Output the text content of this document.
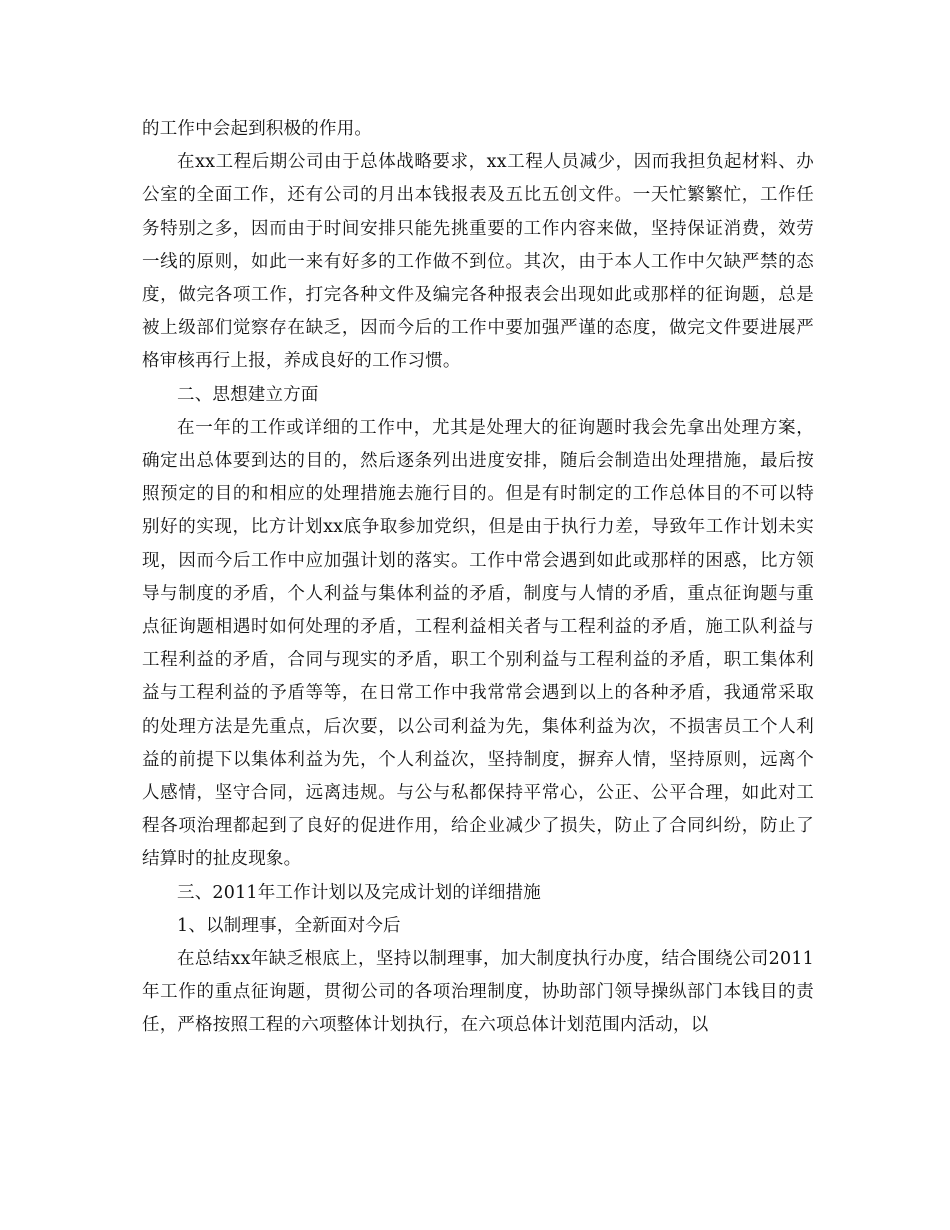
的工作中会起到积极的作用。

在xx工程后期公司由于总体战略要求，xx工程人员减少，因而我担负起材料、办公室的全面工作，还有公司的月出本钱报表及五比五创文件。一天忙繁繁忙，工作任务特别之多，因而由于时间安排只能先挑重要的工作内容来做，坚持保证消费，效劳一线的原则，如此一来有好多的工作做不到位。其次，由于本人工作中欠缺严禁的态度，做完各项工作，打完各种文件及编完各种报表会出现如此或那样的征询题，总是被上级部们觉察存在缺乏，因而今后的工作中要加强严谨的态度，做完文件要进展严格审核再行上报，养成良好的工作习惯。

二、思想建立方面

在一年的工作或详细的工作中，尤其是处理大的征询题时我会先拿出处理方案，确定出总体要到达的目的，然后逐条列出进度安排，随后会制造出处理措施，最后按照预定的目的和相应的处理措施去施行目的。但是有时制定的工作总体目的不可以特别好的实现，比方计划xx底争取参加党织，但是由于执行力差，导致年工作计划未实现，因而今后工作中应加强计划的落实。工作中常会遇到如此或那样的困惑，比方领导与制度的矛盾，个人利益与集体利益的矛盾，制度与人情的矛盾，重点征询题与重点征询题相遇时如何处理的矛盾，工程利益相关者与工程利益的矛盾，施工队利益与工程利益的矛盾，合同与现实的矛盾，职工个别利益与工程利益的矛盾，职工集体利益与工程利益的予盾等等，在日常工作中我常常会遇到以上的各种矛盾，我通常采取的处理方法是先重点，后次要，以公司利益为先，集体利益为次，不损害员工个人利益的前提下以集体利益为先，个人利益次，坚持制度，摒弃人情，坚持原则，远离个人感情，坚守合同，远离违规。与公与私都保持平常心，公正、公平合理，如此对工程各项治理都起到了良好的促进作用，给企业减少了损失，防止了合同纠纷，防止了结算时的扯皮现象。

三、2011年工作计划以及完成计划的详细措施

1、以制理事，全新面对今后

在总结xx年缺乏根底上，坚持以制理事，加大制度执行办度，结合围绕公司2011年工作的重点征询题，贯彻公司的各项治理制度，协助部门领导操纵部门本钱目的责任，严格按照工程的六项整体计划执行，在六项总体计划范围内活动，以
